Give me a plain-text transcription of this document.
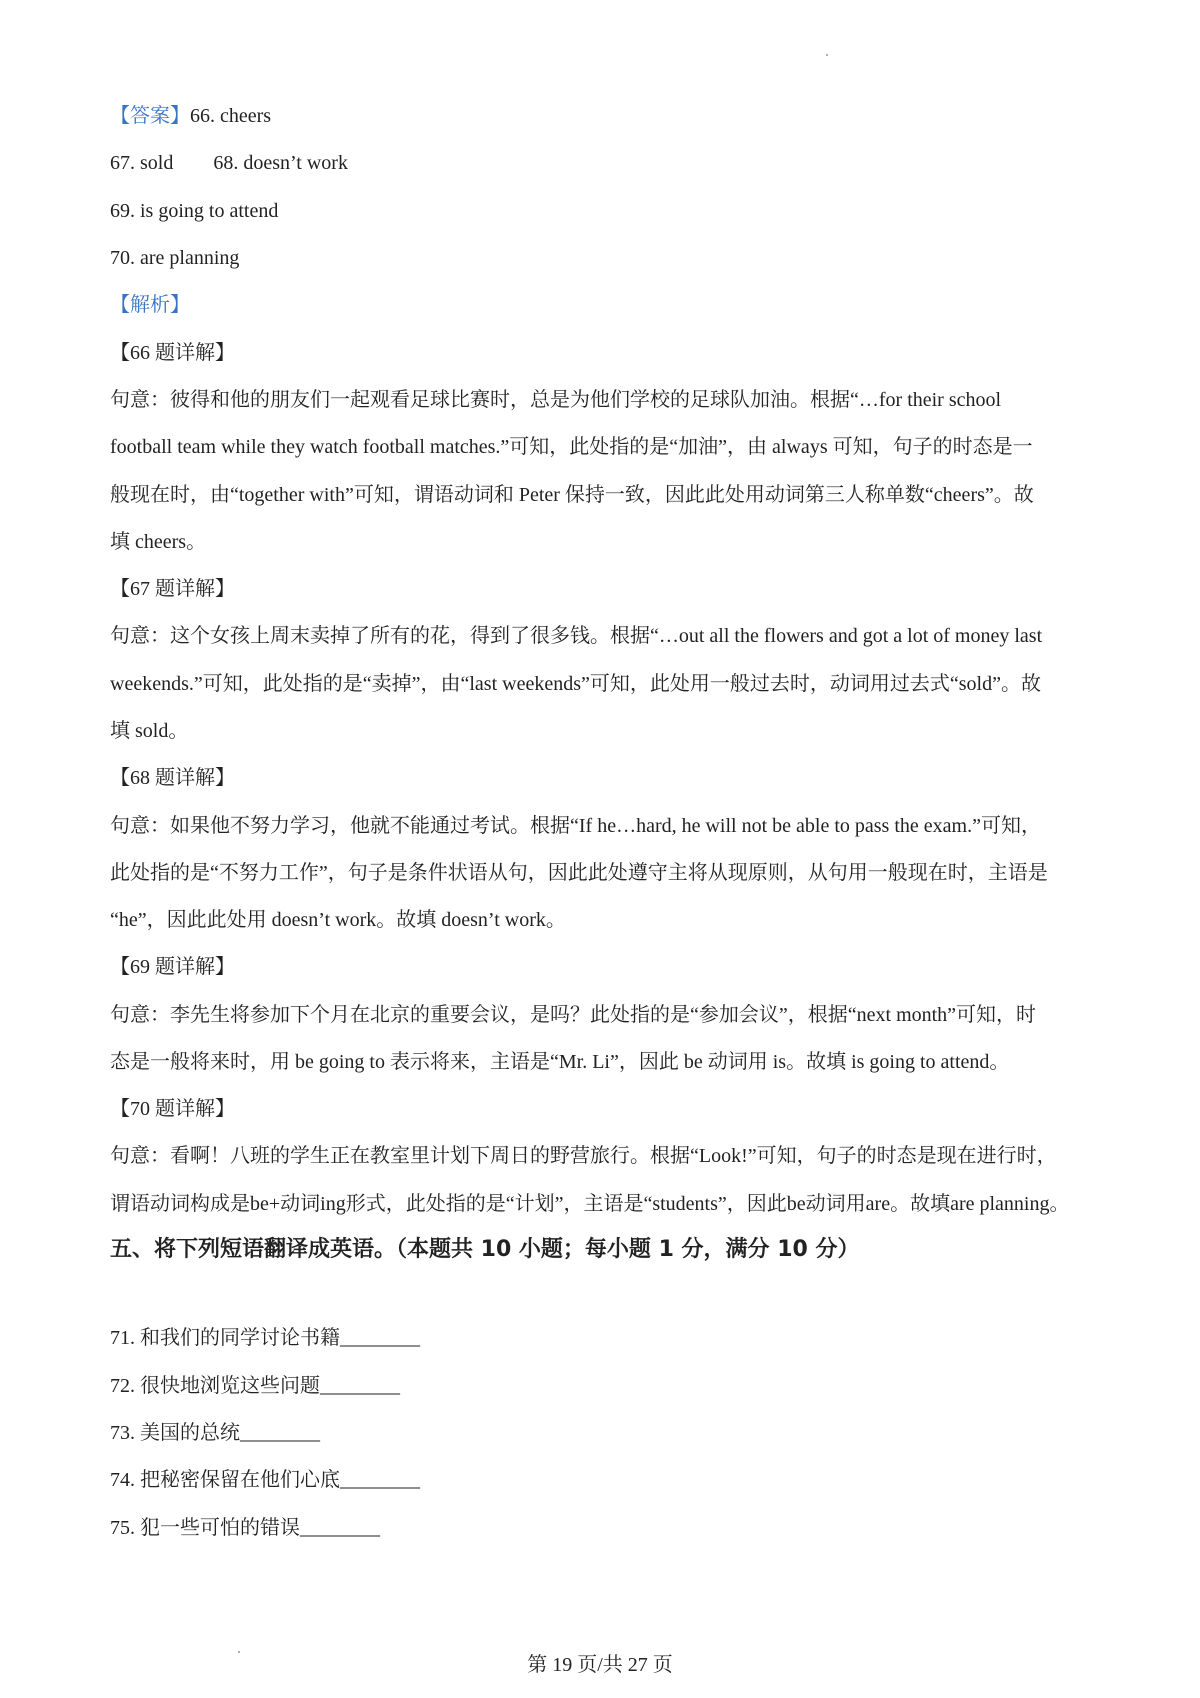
【答案】66. cheers
67. sold 68. doesn’t work
69. is going to attend
70. are planning
【解析】
【66 题详解】
句意：彼得和他的朋友们一起观看足球比赛时，总是为他们学校的足球队加油。根据“…for their school
football team while they watch football matches.”可知，此处指的是“加油”，由 always 可知，句子的时态是一
般现在时，由“together with”可知，谓语动词和 Peter 保持一致，因此此处用动词第三人称单数“cheers”。故
填 cheers。
【67 题详解】
句意：这个女孩上周末卖掉了所有的花，得到了很多钱。根据“…out all the flowers and got a lot of money last
weekends.”可知，此处指的是“卖掉”，由“last weekends”可知，此处用一般过去时，动词用过去式“sold”。故
填 sold。
【68 题详解】
句意：如果他不努力学习，他就不能通过考试。根据“If he…hard, he will not be able to pass the exam.”可知，
此处指的是“不努力工作”，句子是条件状语从句，因此此处遵守主将从现原则，从句用一般现在时，主语是
“he”，因此此处用 doesn’t work。故填 doesn’t work。
【69 题详解】
句意：李先生将参加下个月在北京的重要会议，是吗？此处指的是“参加会议”，根据“next month”可知，时
态是一般将来时，用 be going to 表示将来，主语是“Mr. Li”，因此 be 动词用 is。故填 is going to attend。
【70 题详解】
句意：看啊！八班的学生正在教室里计划下周日的野营旅行。根据“Look!”可知，句子的时态是现在进行时，
谓语动词构成是be+动词ing形式，此处指的是“计划”，主语是“students”，因此be动词用are。故填are planning。
五、将下列短语翻译成英语。（本题共 10 小题；每小题 1 分，满分 10 分）
71. 和我们的同学讨论书籍________
72. 很快地浏览这些问题________
73. 美国的总统________
74. 把秘密保留在他们心底________
75. 犯一些可怕的错误________
第 19 页/共 27 页
